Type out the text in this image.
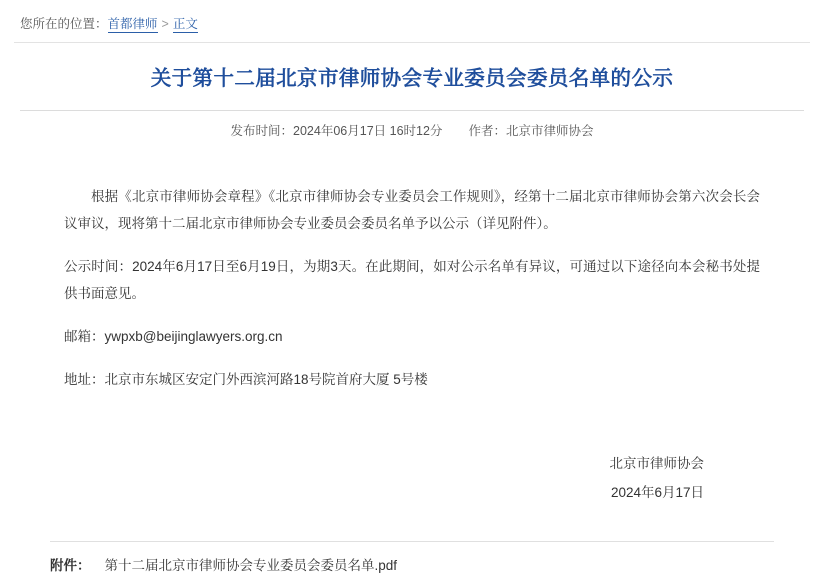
您所在的位置：首都律师 > 正文
关于第十二届北京市律师协会专业委员会委员名单的公示
发布时间：2024年06月17日 16时12分 作者：北京市律师协会

根据《北京市律师协会章程》《北京市律师协会专业委员会工作规则》，经第十二届北京市律师协会第六次会长会议审议，现将第十二届北京市律师协会专业委员会委员名单予以公示（详见附件）。

公示时间：2024年6月17日至6月19日，为期3天。在此期间，如对公示名单有异议，可通过以下途径向本会秘书处提供书面意见。

邮箱：ywpxb@beijinglawyers.org.cn

地址：北京市东城区安定门外西滨河路18号院首府大厦 5号楼

北京市律师协会
2024年6月17日
附件： 第十二届北京市律师协会专业委员会委员名单.pdf
